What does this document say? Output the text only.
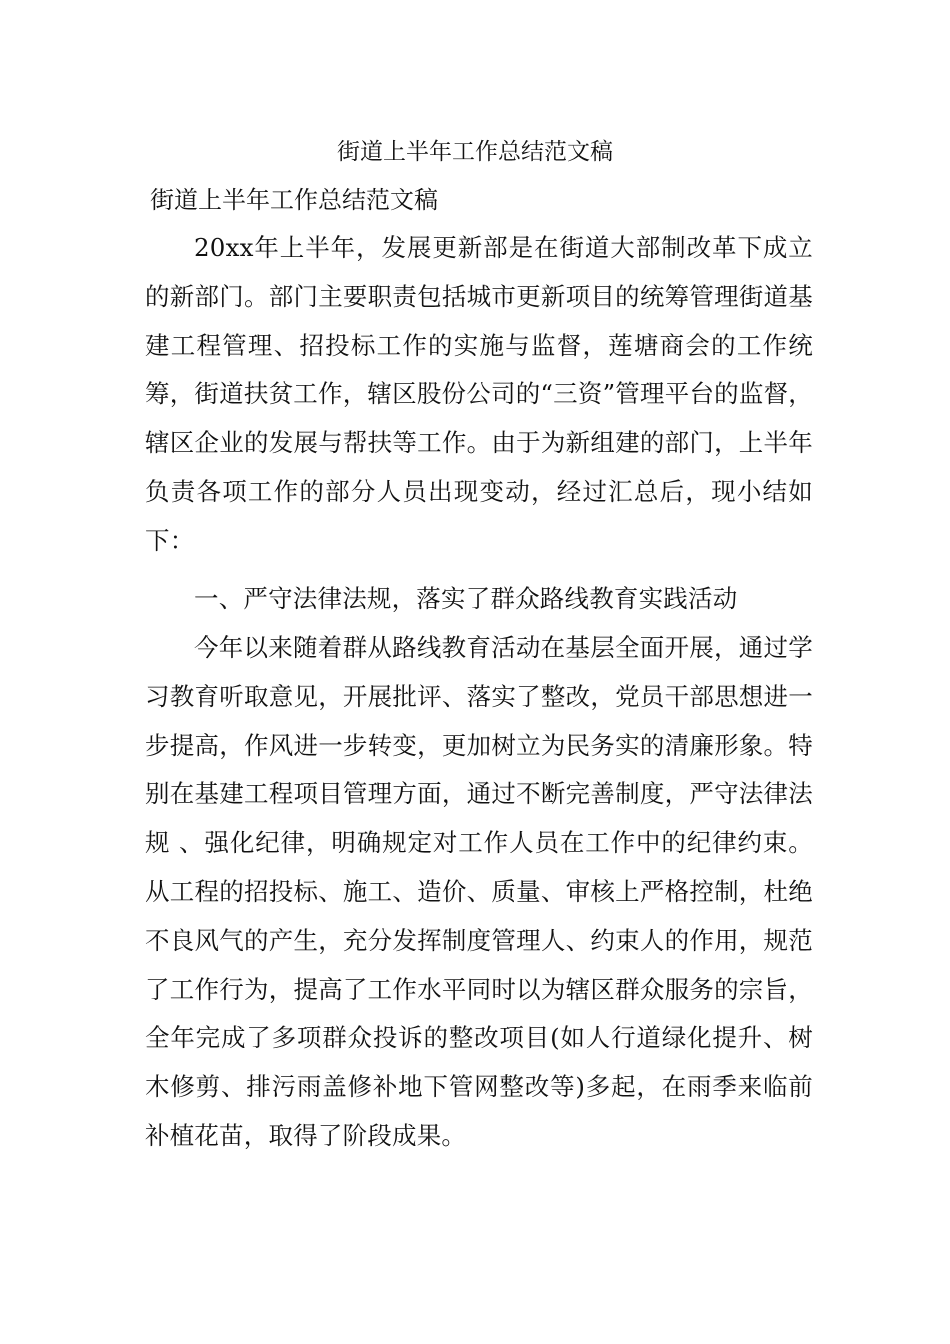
街道上半年工作总结范文稿
街道上半年工作总结范文稿

20xx年上半年，发展更新部是在街道大部制改革下成立的新部门。部门主要职责包括城市更新项目的统筹管理街道基建工程管理、招投标工作的实施与监督，莲塘商会的工作统筹，街道扶贫工作，辖区股份公司的“三资”管理平台的监督，辖区企业的发展与帮扶等工作。由于为新组建的部门，上半年负责各项工作的部分人员出现变动，经过汇总后，现小结如下：

一、严守法律法规，落实了群众路线教育实践活动

今年以来随着群从路线教育活动在基层全面开展，通过学习教育听取意见，开展批评、落实了整改，党员干部思想进一步提高，作风进一步转变，更加树立为民务实的清廉形象。特别在基建工程项目管理方面，通过不断完善制度，严守法律法规 、强化纪律，明确规定对工作人员在工作中的纪律约束。从工程的招投标、施工、造价、质量、审核上严格控制，杜绝不良风气的产生，充分发挥制度管理人、约束人的作用，规范了工作行为，提高了工作水平同时以为辖区群众服务的宗旨，全年完成了多项群众投诉的整改项目(如人行道绿化提升、树木修剪、排污雨盖修补地下管网整改等)多起，在雨季来临前补植花苗，取得了阶段成果。
